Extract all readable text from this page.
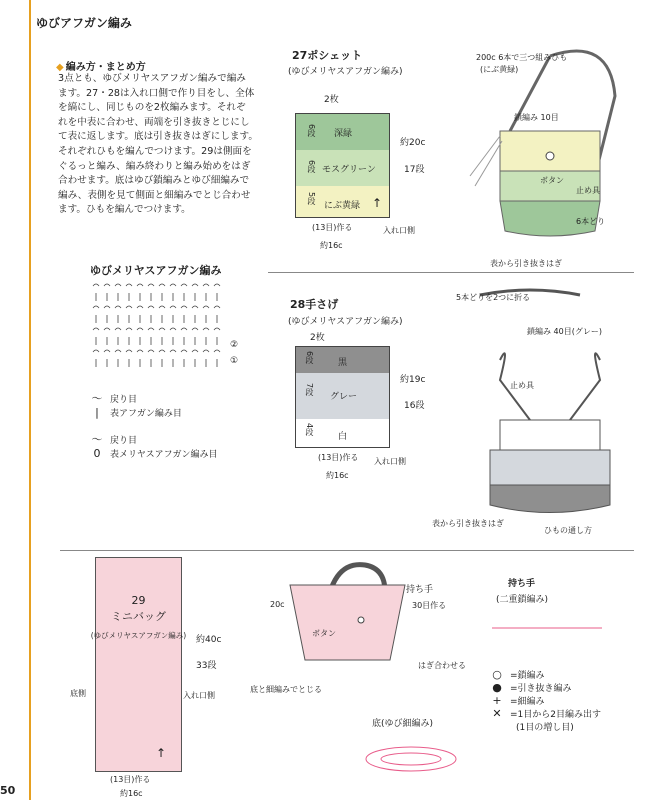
ゆびアフガン編み
◆ 編み方・まとめ方

3点とも、ゆびメリヤスアフガン編みで編み

ます。27・28は入れ口側で作り目をし、全体

を縞にし、同じものを2枚編みます。それぞ

れを中表に合わせ、両端を引き抜きとじにし

て表に返します。底は引き抜きはぎにします。

それぞれひもを編んでつけます。29は側面を

ぐるっと編み、編み終わりと編み始めをはぎ

合わせます。底はゆび鎖編みとゆび細編みで

編み、表側を見て側面と細編みでとじ合わせ

ます。ひもを編んでつけます。

27ポシェット
(ゆびメリヤスアフガン編み)
2枚
6段 深緑
6段 モスグリーン
5段
にぶ黄緑 ↑
約20c
17段
入れ口側
(13目)作る
約16c
200c 6本で三つ組みひも
(にぶ黄緑)
鎖編み 10目
ボタン
止め具
6本どり
表から引き抜きはぎ
ゆびメリヤスアフガン編み
②
①
〜 戻り目
|	表アフガン編み目
〜 戻り目
0	表メリヤスアフガン編み目
28手さげ
(ゆびメリヤスアフガン編み)
2枚
6段	黒
7段
グレー
4段
白
約19c
16段
入れ口側
(13目)作る
約16c
5本どりを2つに折る
鎖編み 40目(グレー)
止め具
表から引き抜きはぎ
ひもの通し方
29
ミニバッグ
(ゆびメリヤスアフガン編み)
↑
約40c
33段
底側	入れ口側
(13目)作る
約16c
持ち手
30目作る
20c
ボタン
はぎ合わせる
底と細編みでとじる
底(ゆび細編み)
持ち手
(二重鎖編み)
○ =鎖編み
● =引き抜き編み
+ =細編み
✕ =1目から2目編み出す
(1目の増し目)
50
